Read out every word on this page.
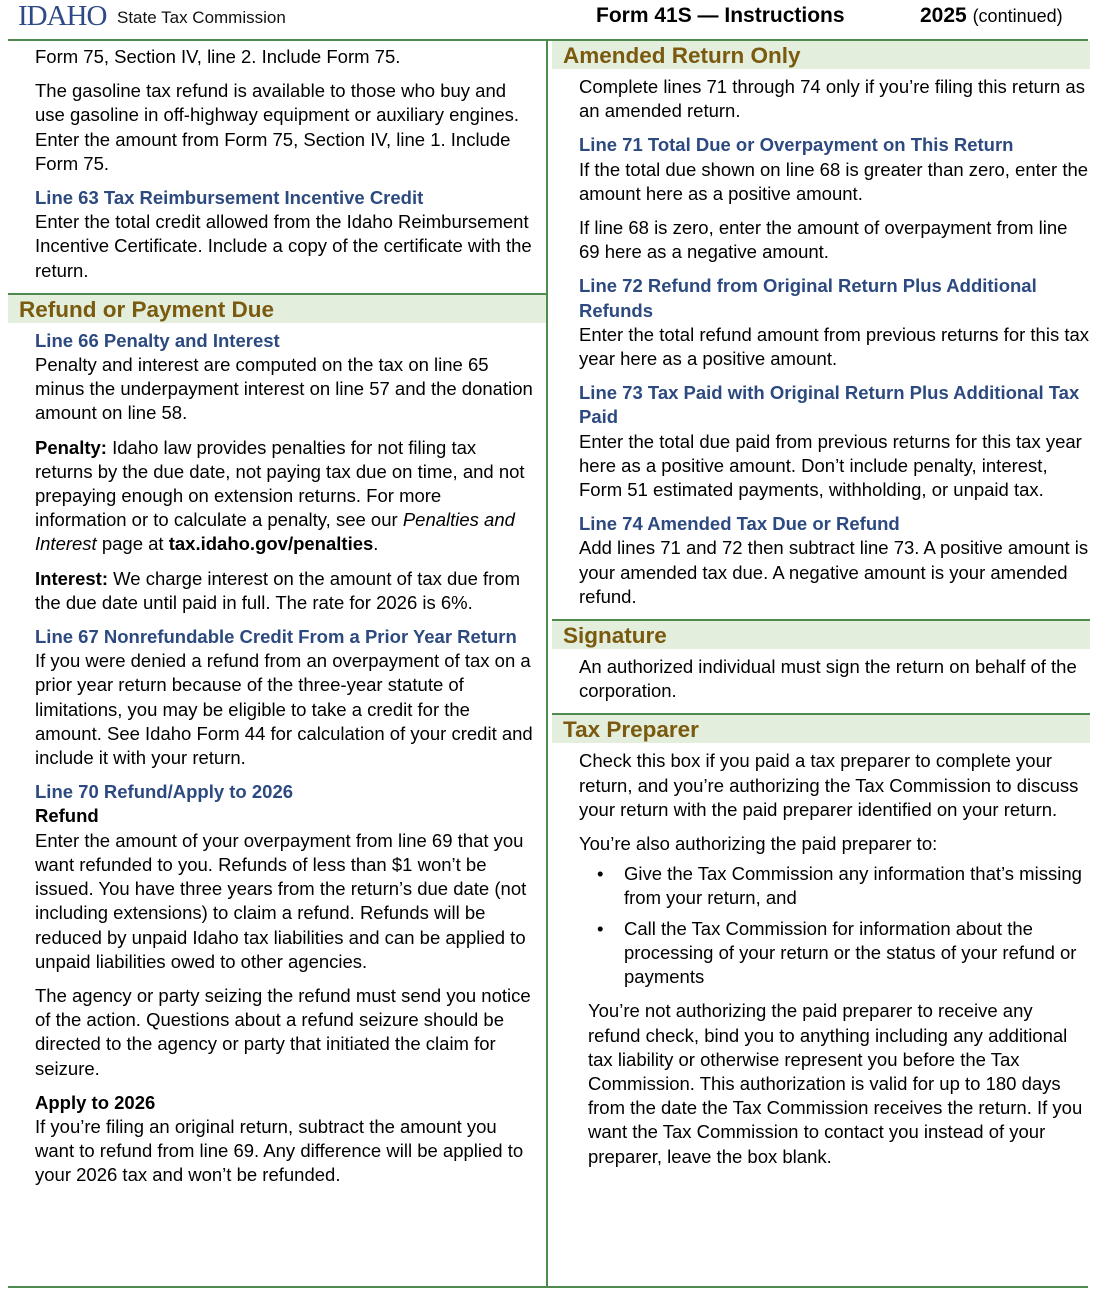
IDAHO State Tax Commission	Form 41S — Instructions	2025 (continued)

Form 75, Section IV, line 2. Include Form 75.

The gasoline tax refund is available to those who buy and use gasoline in off-highway equipment or auxiliary engines. Enter the amount from Form 75, Section IV, line 1. Include Form 75.

Line 63 Tax Reimbursement Incentive Credit

Enter the total credit allowed from the Idaho Reimbursement Incentive Certificate. Include a copy of the certificate with the return.

Refund or Payment Due
Line 66 Penalty and Interest

Penalty and interest are computed on the tax on line 65 minus the underpayment interest on line 57 and the donation amount on line 58.

Penalty: Idaho law provides penalties for not filing tax returns by the due date, not paying tax due on time, and not prepaying enough on extension returns. For more information or to calculate a penalty, see our Penalties and Interest page at tax.idaho.gov/penalties.

Interest: We charge interest on the amount of tax due from the due date until paid in full. The rate for 2026 is 6%.

Line 67 Nonrefundable Credit From a Prior Year Return

If you were denied a refund from an overpayment of tax on a prior year return because of the three-year statute of limitations, you may be eligible to take a credit for the amount. See Idaho Form 44 for calculation of your credit and include it with your return.

Line 70 Refund/Apply to 2026
Refund

Enter the amount of your overpayment from line 69 that you want refunded to you. Refunds of less than $1 won’t be issued. You have three years from the return’s due date (not including extensions) to claim a refund. Refunds will be reduced by unpaid Idaho tax liabilities and can be applied to unpaid liabilities owed to other agencies.

The agency or party seizing the refund must send you notice of the action. Questions about a refund seizure should be directed to the agency or party that initiated the claim for seizure.

Apply to 2026

If you’re filing an original return, subtract the amount you want to refund from line 69. Any difference will be applied to your 2026 tax and won’t be refunded.

Amended Return Only

Complete lines 71 through 74 only if you’re filing this return as an amended return.

Line 71 Total Due or Overpayment on This Return

If the total due shown on line 68 is greater than zero, enter the amount here as a positive amount.

If line 68 is zero, enter the amount of overpayment from line 69 here as a negative amount.

Line 72 Refund from Original Return Plus Additional Refunds

Enter the total refund amount from previous returns for this tax year here as a positive amount.

Line 73 Tax Paid with Original Return Plus Additional Tax Paid

Enter the total due paid from previous returns for this tax year here as a positive amount. Don’t include penalty, interest, Form 51 estimated payments, withholding, or unpaid tax.

Line 74 Amended Tax Due or Refund

Add lines 71 and 72 then subtract line 73. A positive amount is your amended tax due. A negative amount is your amended refund.

Signature

An authorized individual must sign the return on behalf of the corporation.

Tax Preparer

Check this box if you paid a tax preparer to complete your return, and you’re authorizing the Tax Commission to discuss your return with the paid preparer identified on your return.

You’re also authorizing the paid preparer to:

• Give the Tax Commission any information that’s missing from your return, and
• Call the Tax Commission for information about the processing of your return or the status of your refund or payments

You’re not authorizing the paid preparer to receive any refund check, bind you to anything including any additional tax liability or otherwise represent you before the Tax Commission. This authorization is valid for up to 180 days from the date the Tax Commission receives the return. If you want the Tax Commission to contact you instead of your preparer, leave the box blank.
